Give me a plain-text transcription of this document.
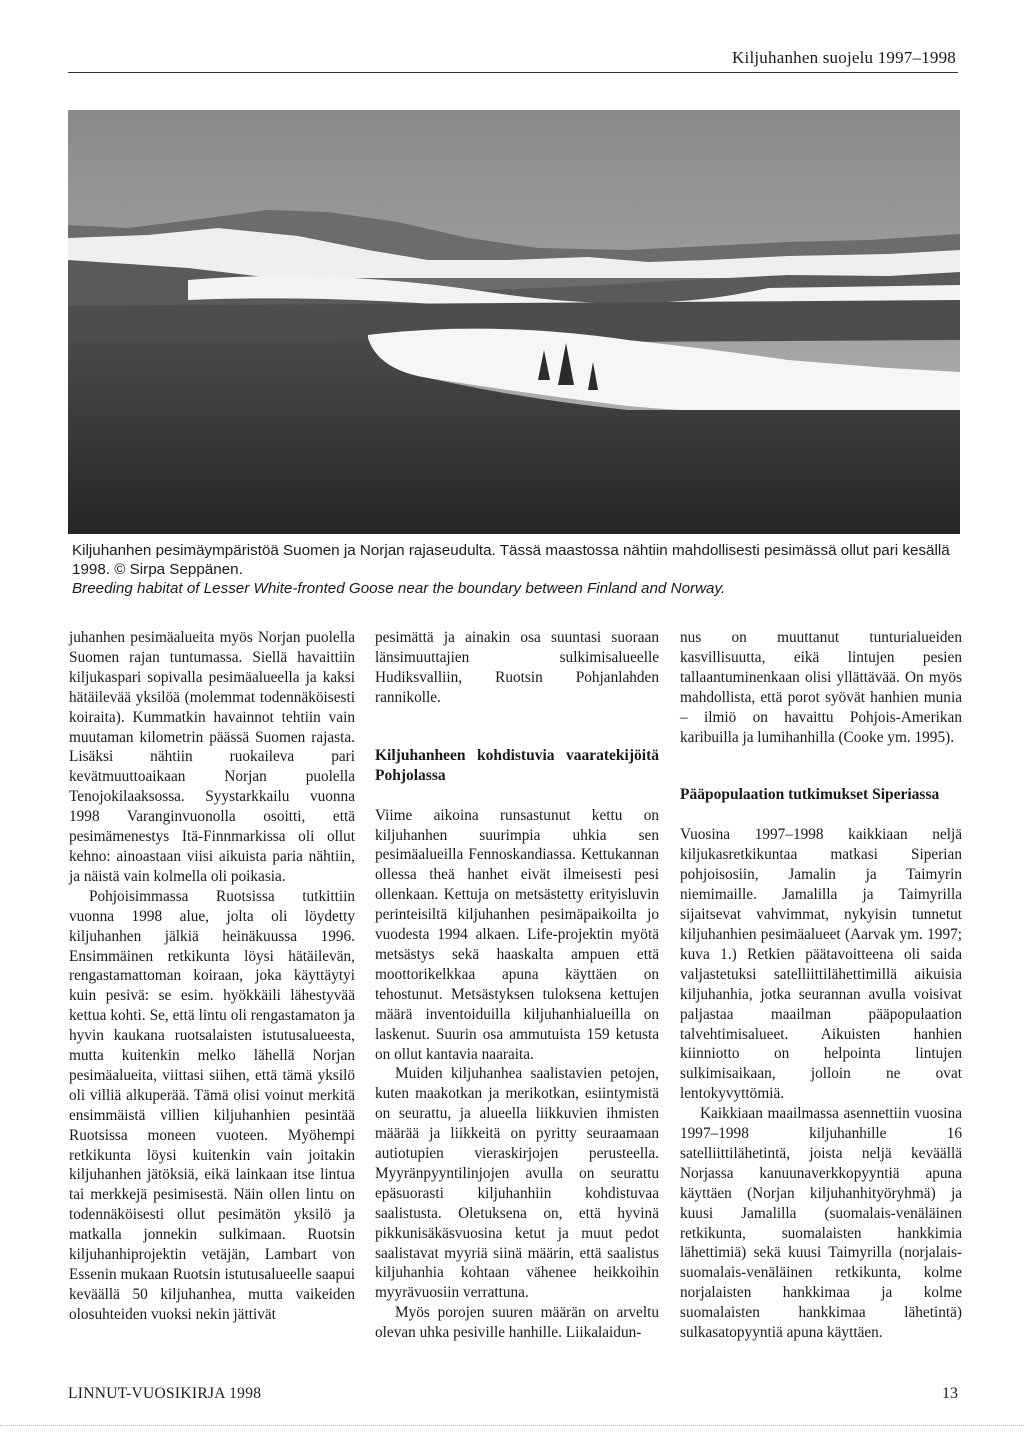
Kiljuhanhen suojelu 1997–1998

Kiljuhanhen pesimäympäristöä Suomen ja Norjan rajaseudulta. Tässä maastossa nähtiin mahdollisesti pesimässä ollut pari kesällä 1998. © Sirpa Seppänen.

Breeding habitat of Lesser White-fronted Goose near the boundary between Finland and Norway.

juhanhen pesimäalueita myös Norjan puolella Suomen rajan tuntumassa. Siellä havaittiin kiljukaspari sopivalla pesimäalueella ja kaksi hätäilevää yksilöä (molemmat todennäköisesti koiraita). Kummatkin havainnot tehtiin vain muutaman kilometrin päässä Suomen rajasta. Lisäksi nähtiin ruokaileva pari kevätmuuttoaikaan Norjan puolella Tenojokilaaksossa. Syystarkkailu vuonna 1998 Varanginvuonolla osoitti, että pesimämenestys Itä-Finnmarkissa oli ollut kehno: ainoastaan viisi aikuista paria nähtiin, ja näistä vain kolmella oli poikasia.

Pohjoisimmassa Ruotsissa tutkittiin vuonna 1998 alue, jolta oli löydetty kiljuhanhen jälkiä heinäkuussa 1996. Ensimmäinen retkikunta löysi hätäilevän, rengastamattoman koiraan, joka käyttäytyi kuin pesivä: se esim. hyökkäili lähestyvää kettua kohti. Se, että lintu oli rengastamaton ja hyvin kaukana ruotsalaisten istutusalueesta, mutta kuitenkin melko lähellä Norjan pesimäalueita, viittasi siihen, että tämä yksilö oli villiä alkuperää. Tämä olisi voinut merkitä ensimmäistä villien kiljuhanhien pesintää Ruotsissa moneen vuoteen. Myöhempi retkikunta löysi kuitenkin vain joitakin kiljuhanhen jätöksiä, eikä lainkaan itse lintua tai merkkejä pesimisestä. Näin ollen lintu on todennäköisesti ollut pesimätön yksilö ja matkalla jonnekin sulkimaan. Ruotsin kiljuhanhiprojektin vetäjän, Lambart von Essenin mukaan Ruotsin istutusalueelle saapui keväällä 50 kiljuhanhea, mutta vaikeiden olosuhteiden vuoksi nekin jättivät

pesimättä ja ainakin osa suuntasi suoraan länsimuuttajien sulkimisalueelle Hudiksvalliin, Ruotsin Pohjanlahden rannikolle.

Kiljuhanheen kohdistuvia vaaratekijöitä Pohjolassa

Viime aikoina runsastunut kettu on kiljuhanhen suurimpia uhkia sen pesimäalueilla Fennoskandiassa. Kettukannan ollessa theä hanhet eivät ilmeisesti pesi ollenkaan. Kettuja on metsästetty erityisluvin perinteisiltä kiljuhanhen pesimäpaikoilta jo vuodesta 1994 alkaen. Life-projektin myötä metsästys sekä haaskalta ampuen että moottorikelkkaa apuna käyttäen on tehostunut. Metsästyksen tuloksena kettujen määrä inventoiduilla kiljuhanhialueilla on laskenut. Suurin osa ammutuista 159 ketusta on ollut kantavia naaraita.

Muiden kiljuhanhea saalistavien petojen, kuten maakotkan ja merikotkan, esiintymistä on seurattu, ja alueella liikkuvien ihmisten määrää ja liikkeitä on pyritty seuraamaan autiotupien vieraskirjojen perusteella. Myyränpyyntilinjojen avulla on seurattu epäsuorasti kiljuhanhiin kohdistuvaa saalistusta. Oletuksena on, että hyvinä pikkunisäkäsvuosina ketut ja muut pedot saalistavat myyriä siinä määrin, että saalistus kiljuhanhia kohtaan vähenee heikkoihin myyrävuosiin verrattuna.

Myös porojen suuren määrän on arveltu olevan uhka pesiville hanhille. Liikalaidun-

nus on muuttanut tunturialueiden kasvillisuutta, eikä lintujen pesien tallaantuminenkaan olisi yllättävää. On myös mahdollista, että porot syövät hanhien munia – ilmiö on havaittu Pohjois-Amerikan karibuilla ja lumihanhilla (Cooke ym. 1995).

Pääpopulaation tutkimukset Siperiassa

Vuosina 1997–1998 kaikkiaan neljä kiljukasretkikuntaa matkasi Siperian pohjoisosiin, Jamalin ja Taimyrin niemimaille. Jamalilla ja Taimyrilla sijaitsevat vahvimmat, nykyisin tunnetut kiljuhanhien pesimäalueet (Aarvak ym. 1997; kuva 1.) Retkien päätavoitteena oli saida valjastetuksi satelliittilähettimillä aikuisia kiljuhanhia, jotka seurannan avulla voisivat paljastaa maailman pääpopulaation talvehtimisalueet. Aikuisten hanhien kiinniotto on helpointa lintujen sulkimisaikaan, jolloin ne ovat lentokyvyttömiä.

Kaikkiaan maailmassa asennettiin vuosina 1997–1998 kiljuhanhille 16 satelliittilähetintä, joista neljä keväällä Norjassa kanuunaverkkopyyntiä apuna käyttäen (Norjan kiljuhanhityöryhmä) ja kuusi Jamalilla (suomalais-venäläinen retkikunta, suomalaisten hankkimia lähettimiä) sekä kuusi Taimyrilla (norjalais-suomalais-venäläinen retkikunta, kolme norjalaisten hankkimaa ja kolme suomalaisten hankkimaa lähetintä) sulkasatopyyntiä apuna käyttäen.

LINNUT-VUOSIKIRJA 1998	13
